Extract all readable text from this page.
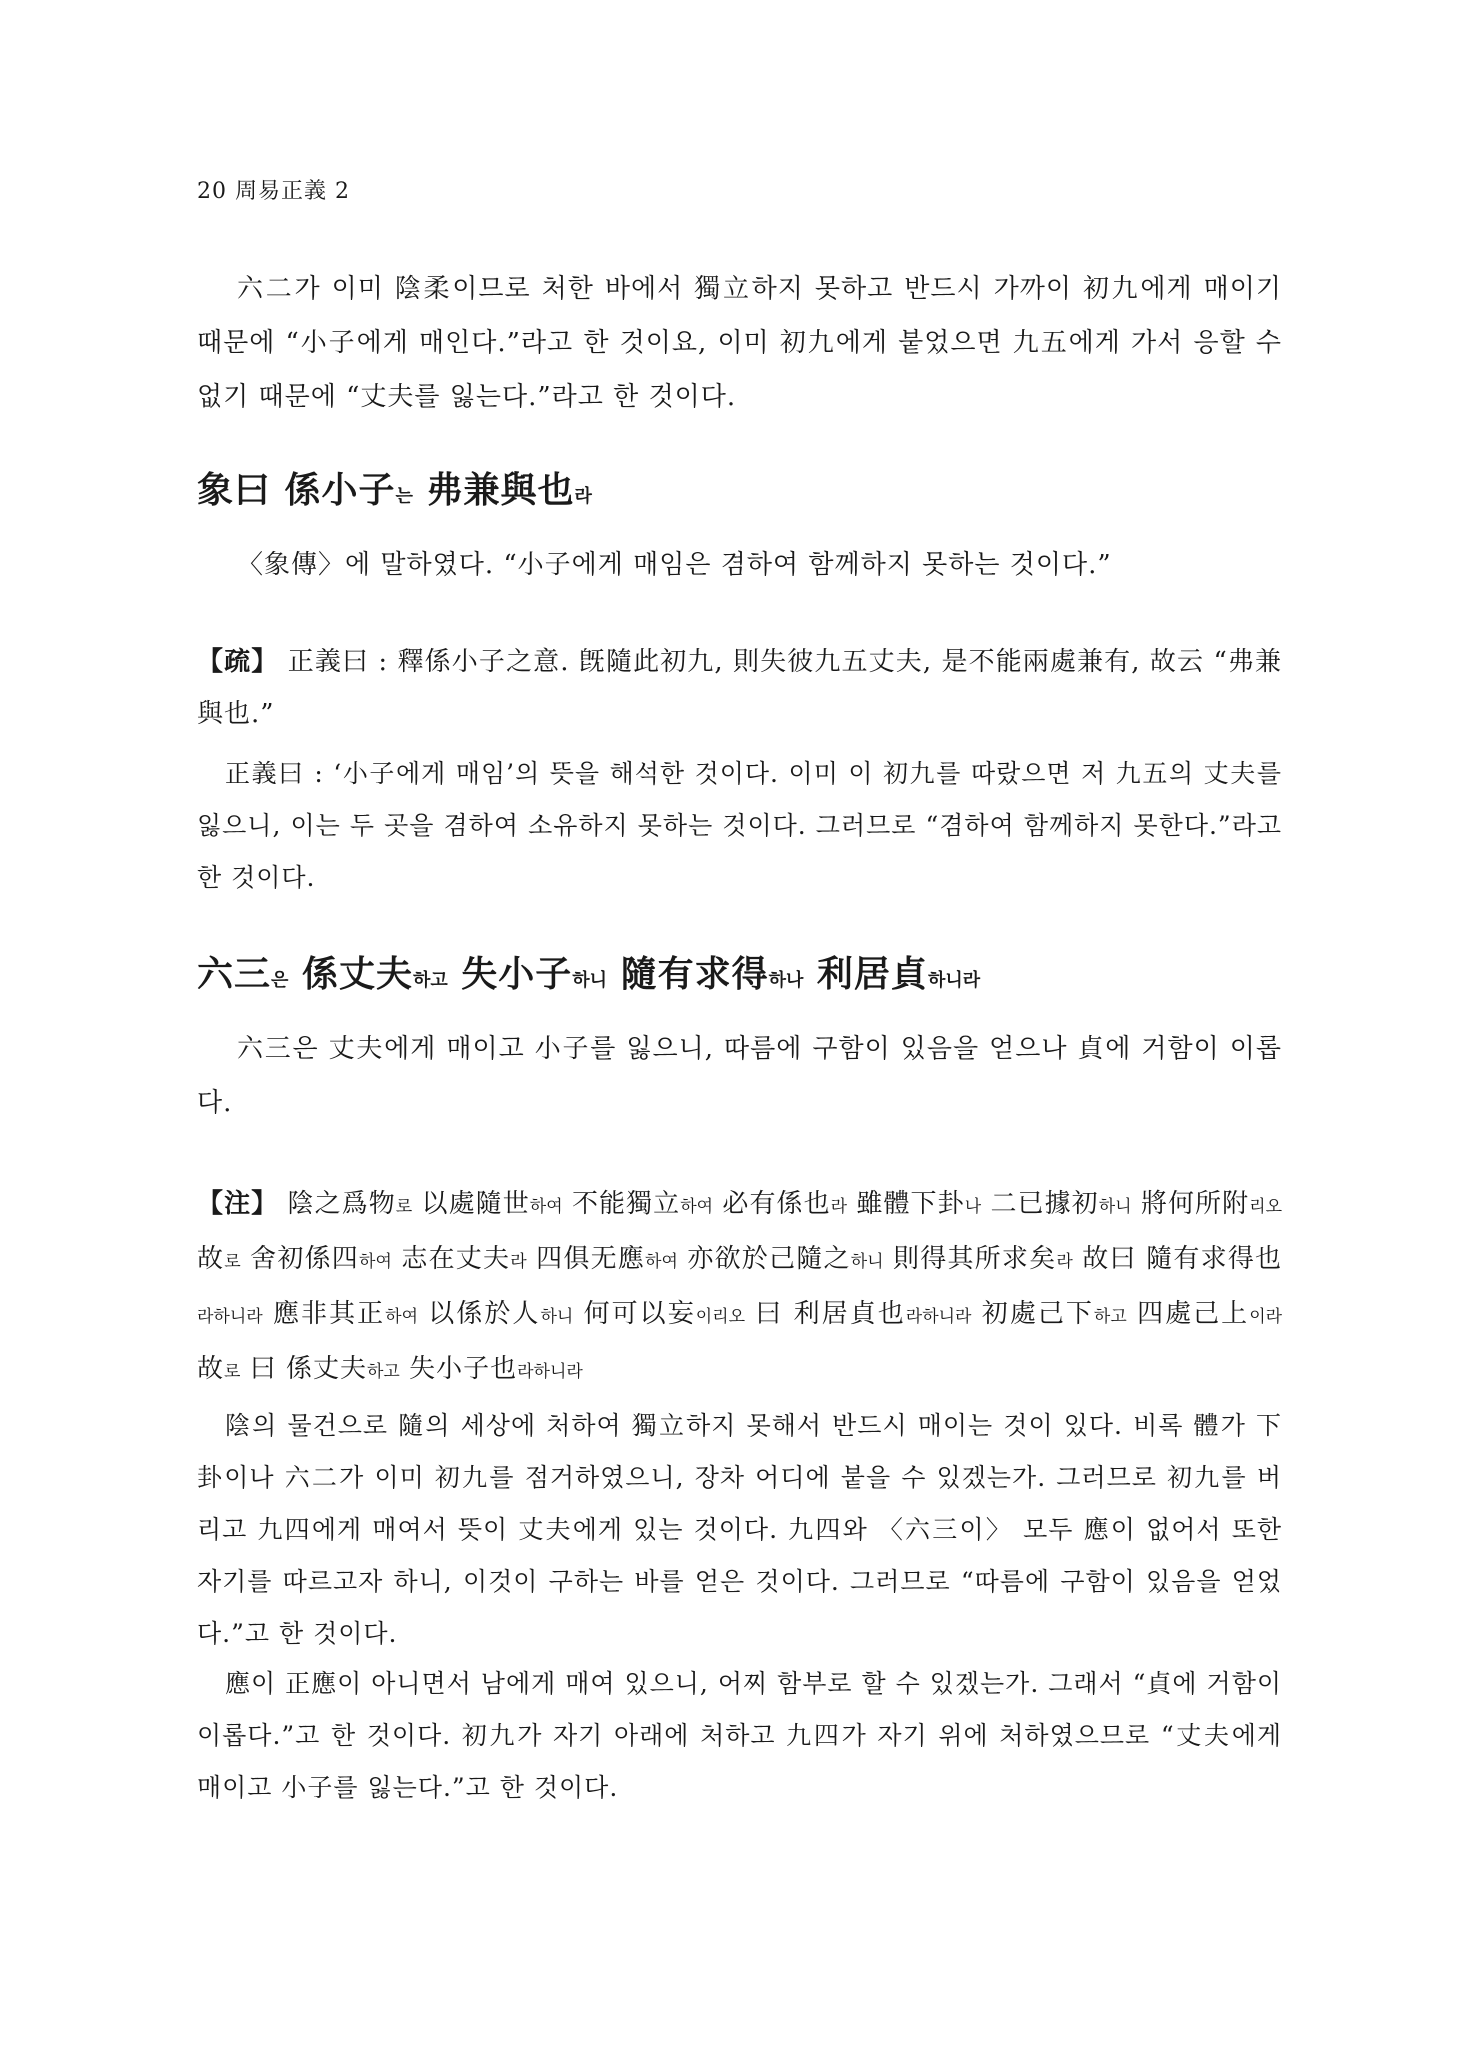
20 周易正義 2

六二가 이미 陰柔이므로 처한 바에서 獨立하지 못하고 반드시 가까이 初九에게 매이기 때문에 “小子에게 매인다.”라고 한 것이요, 이미 初九에게 붙었으면 九五에게 가서 응할 수 없기 때문에 “丈夫를 잃는다.”라고 한 것이다.

象曰 係小子는 弗兼與也라

〈象傳〉에 말하였다. “小子에게 매임은 겸하여 함께하지 못하는 것이다.”

【疏】 正義曰 : 釋係小子之意. 旣隨此初九, 則失彼九五丈夫, 是不能兩處兼有, 故云 “弗兼與也.”

正義曰 : ‘小子에게 매임’의 뜻을 해석한 것이다. 이미 이 初九를 따랐으면 저 九五의 丈夫를 잃으니, 이는 두 곳을 겸하여 소유하지 못하는 것이다. 그러므로 “겸하여 함께하지 못한다.”라고 한 것이다.

六三은 係丈夫하고 失小子하니 隨有求得하나 利居貞하니라

六三은 丈夫에게 매이고 小子를 잃으니, 따름에 구함이 있음을 얻으나 貞에 거함이 이롭다.

【注】 陰之爲物로 以處隨世하여 不能獨立하여 必有係也라 雖體下卦나 二已據初하니 將何所附리오 故로 舍初係四하여 志在丈夫라 四俱无應하여 亦欲於己隨之하니 則得其所求矣라 故曰 隨有求得也라하니라 應非其正하여 以係於人하니 何可以妄이리오 曰 利居貞也라하니라 初處己下하고 四處己上이라 故로 曰 係丈夫하고 失小子也라하니라

陰의 물건으로 隨의 세상에 처하여 獨立하지 못해서 반드시 매이는 것이 있다. 비록 體가 下卦이나 六二가 이미 初九를 점거하였으니, 장차 어디에 붙을 수 있겠는가. 그러므로 初九를 버리고 九四에게 매여서 뜻이 丈夫에게 있는 것이다. 九四와 〈六三이〉 모두 應이 없어서 또한 자기를 따르고자 하니, 이것이 구하는 바를 얻은 것이다. 그러므로 “따름에 구함이 있음을 얻었다.”고 한 것이다.

應이 正應이 아니면서 남에게 매여 있으니, 어찌 함부로 할 수 있겠는가. 그래서 “貞에 거함이 이롭다.”고 한 것이다. 初九가 자기 아래에 처하고 九四가 자기 위에 처하였으므로 “丈夫에게 매이고 小子를 잃는다.”고 한 것이다.
